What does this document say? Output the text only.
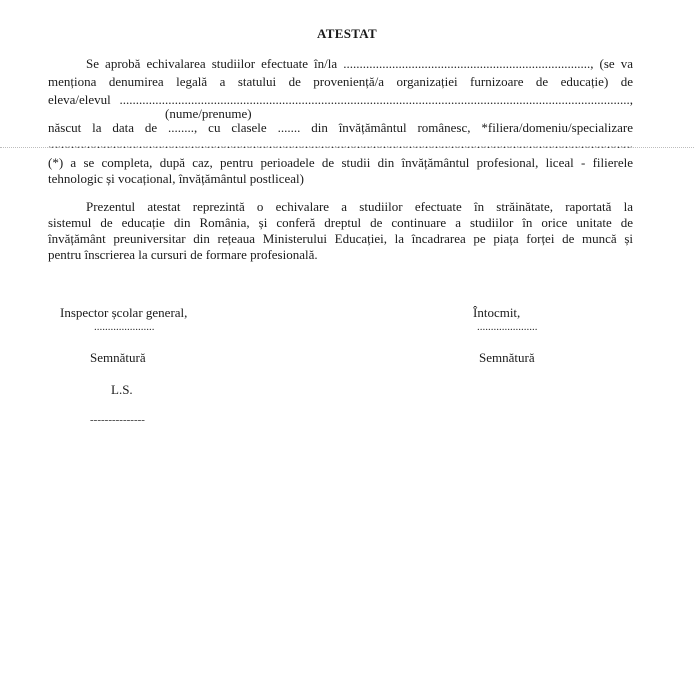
ATESTAT
Se aprobă echivalarea studiilor efectuate în/la ............................................................................, (se va
menționa denumirea legală a statului de proveniență/a organizației furnizoare de educație) de
eleva/elevul .............................................................................................................................................................,
(nume/prenume)
născut la data de ........, cu clasele ....... din învățământul românesc, *filiera/domeniu/specializare
....................................................................................................................................................................................
(*) a se completa, după caz, pentru perioadele de studii din învățământul profesional, liceal - filierele
tehnologic și vocațional, învățământul postliceal)
Prezentul atestat reprezintă o echivalare a studiilor efectuate în străinătate, raportată la
sistemul de educație din România, și conferă dreptul de continuare a studiilor în orice unitate de
învățământ preuniversitar din rețeaua Ministerului Educației, la încadrarea pe piața forței de muncă și
pentru înscrierea la cursuri de formare profesională.
Inspector școlar general,
......................
Semnătură
L.S.
---------------
Întocmit,
......................
Semnătură
